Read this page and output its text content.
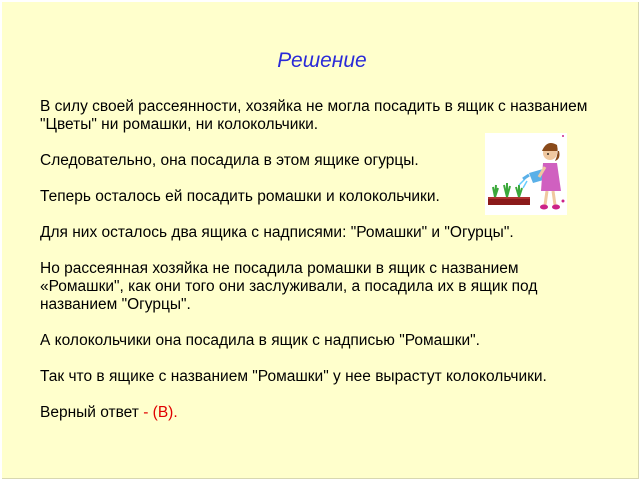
Решение

В силу своей рассеянности, хозяйка не могла посадить в ящик с названием "Цветы" ни ромашки, ни колокольчики.

Следовательно, она посадила в этом ящике огурцы.

Теперь осталось ей посадить ромашки и колокольчики.

Для них осталось два ящика с надписями: "Ромашки" и "Огурцы".

Но рассеянная хозяйка не посадила ромашки в ящик с названием «Ромашки", как они того они заслуживали, а посадила их в ящик под названием "Огурцы".

А колокольчики она посадила в ящик с надписью "Ромашки".

Так что в ящике с названием "Ромашки" у нее вырастут колокольчики.

Верный ответ - (В).
